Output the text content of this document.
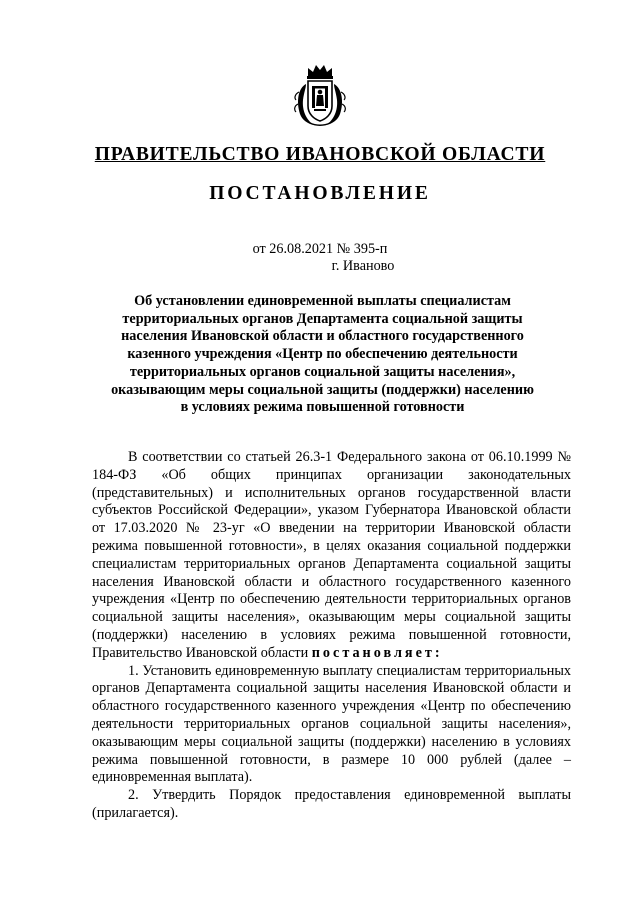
ПРАВИТЕЛЬСТВО ИВАНОВСКОЙ ОБЛАСТИ
ПОСТАНОВЛЕНИЕ
от 26.08.2021 № 395-п
г. Иваново
Об установлении единовременной выплаты специалистам
территориальных органов Департамента социальной защиты
населения Ивановской области и областного государственного
казенного учреждения «Центр по обеспечению деятельности
территориальных органов социальной защиты населения»,
оказывающим меры социальной защиты (поддержки) населению
в условиях режима повышенной готовности

В соответствии со статьей 26.3-1 Федерального закона от 06.10.1999 № 184-ФЗ «Об общих принципах организации законодательных (представительных) и исполнительных органов государственной власти субъектов Российской Федерации», указом Губернатора Ивановской области от 17.03.2020 № 23-уг «О введении на территории Ивановской области режима повышенной готовности», в целях оказания социальной поддержки специалистам территориальных органов Департамента социальной защиты населения Ивановской области и областного государственного казенного учреждения «Центр по обеспечению деятельности территориальных органов социальной защиты населения», оказывающим меры социальной защиты (поддержки) населению в условиях режима повышенной готовности, Правительство Ивановской области постановляет:

1. Установить единовременную выплату специалистам территориальных органов Департамента социальной защиты населения Ивановской области и областного государственного казенного учреждения «Центр по обеспечению деятельности территориальных органов социальной защиты населения», оказывающим меры социальной защиты (поддержки) населению в условиях режима повышенной готовности, в размере 10 000 рублей (далее – единовременная выплата).

2. Утвердить Порядок предоставления единовременной выплаты (прилагается).
